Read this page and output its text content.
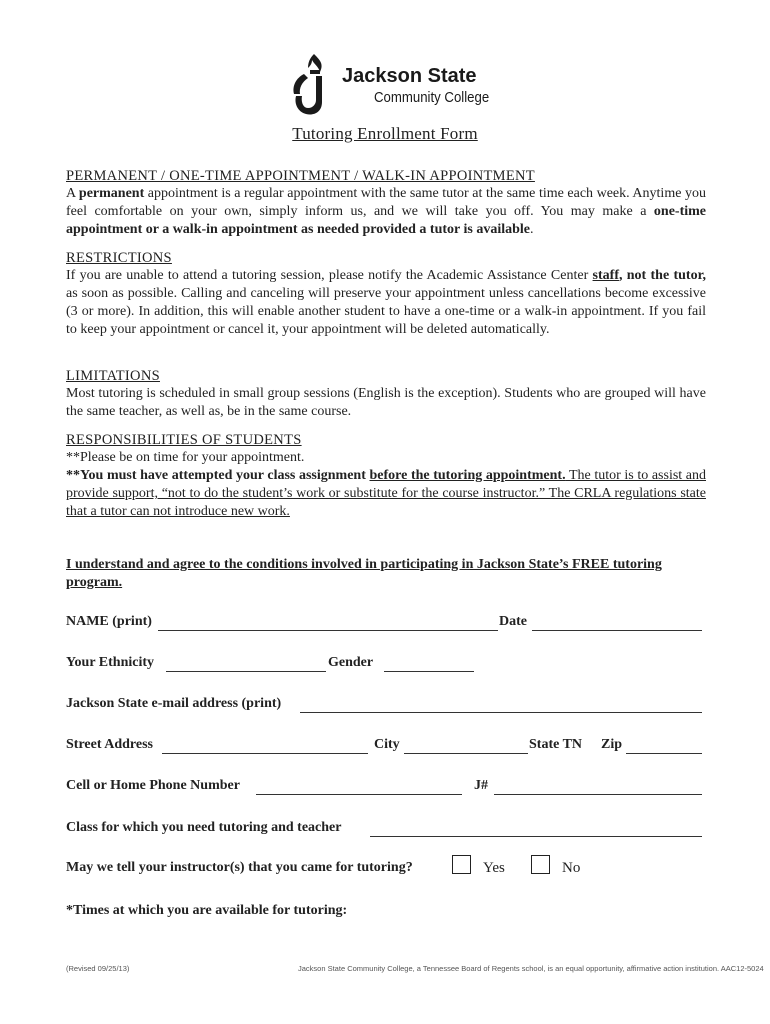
Jackson State
Community College
Tutoring Enrollment Form
PERMANENT / ONE-TIME APPOINTMENT / WALK-IN APPOINTMENT

A permanent appointment is a regular appointment with the same tutor at the same time each week. Anytime you feel comfortable on your own, simply inform us, and we will take you off. You may make a one-time appointment or a walk-in appointment as needed provided a tutor is available.

RESTRICTIONS

If you are unable to attend a tutoring session, please notify the Academic Assistance Center staff, not the tutor, as soon as possible. Calling and canceling will preserve your appointment unless cancellations become excessive (3 or more). In addition, this will enable another student to have a one-time or a walk-in appointment. If you fail to keep your appointment or cancel it, your appointment will be deleted automatically.

LIMITATIONS

Most tutoring is scheduled in small group sessions (English is the exception). Students who are grouped will have the same teacher, as well as, be in the same course.

RESPONSIBILITIES OF STUDENTS

**Please be on time for your appointment.

**You must have attempted your class assignment before the tutoring appointment. The tutor is to assist and provide support, “not to do the student’s work or substitute for the course instructor.” The CRLA regulations state that a tutor can not introduce new work.

I understand and agree to the conditions involved in participating in Jackson State’s FREE tutoring program.
NAME (print)	Date
Your Ethnicity	Gender
Jackson State e-mail address (print)
Street Address	City	State TN Zip
Cell or Home Phone Number	J#
Class for which you need tutoring and teacher
May we tell your instructor(s) that you came for tutoring?	Yes	No
*Times at which you are available for tutoring:
(Revised 09/25/13)	Jackson State Community College, a Tennessee Board of Regents school, is an equal opportunity, affirmative action institution. AAC12-5024
